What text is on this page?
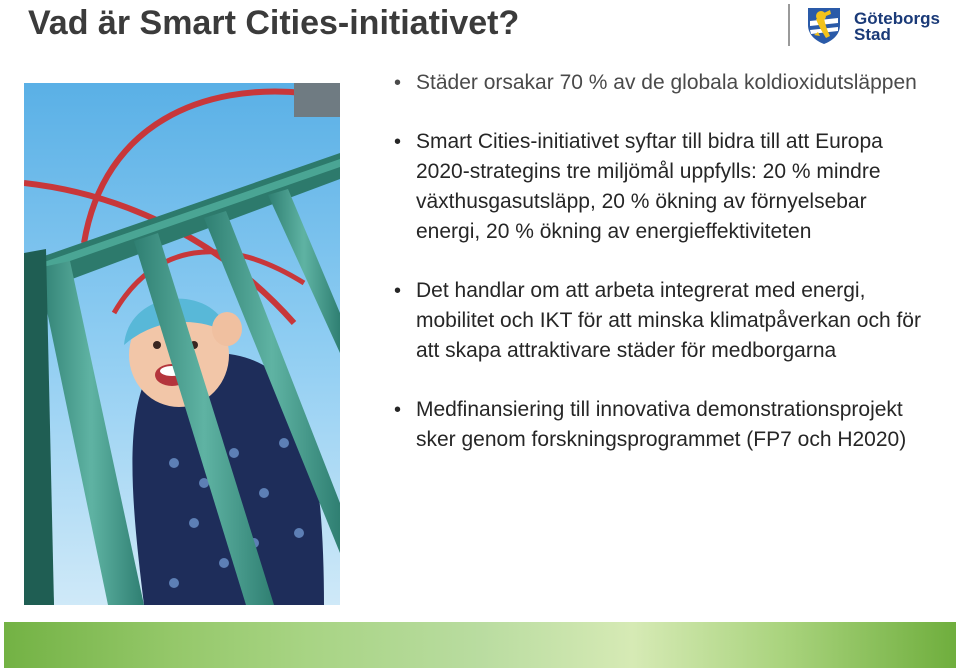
Vad är Smart Cities-initiativet?	Göteborgs
Stad
• Städer orsakar 70 % av de globala koldioxidutsläppen
• Smart Cities-initiativet syftar till bidra till att Europa 2020-strategins tre miljömål uppfylls: 20 % mindre växthusgasutsläpp, 20 % ökning av förnyelsebar energi, 20 % ökning av energieffektiviteten
• Det handlar om att arbeta integrerat med energi, mobilitet och IKT för att minska klimatpåverkan och för att skapa attraktivare städer för medborgarna
• Medfinansiering till innovativa demonstrationsprojekt sker genom forskningsprogrammet (FP7 och H2020)
